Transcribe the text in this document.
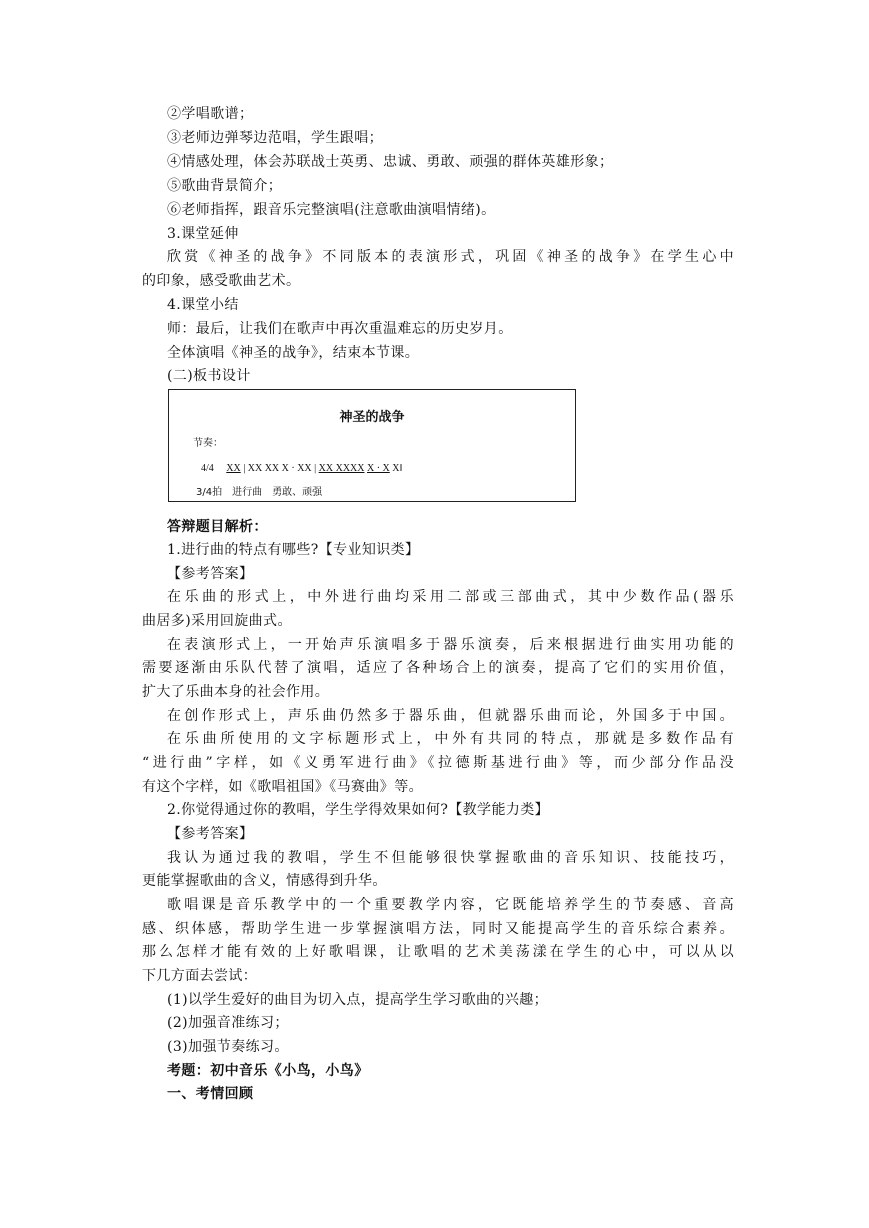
②学唱歌谱；
③老师边弹琴边范唱，学生跟唱；
④情感处理，体会苏联战士英勇、忠诚、勇敢、顽强的群体英雄形象；
⑤歌曲背景简介；
⑥老师指挥，跟音乐完整演唱(注意歌曲演唱情绪)。
3.课堂延伸
欣赏《神圣的战争》不同版本的表演形式，巩固《神圣的战争》在学生心中
的印象，感受歌曲艺术。
4.课堂小结
师：最后，让我们在歌声中再次重温难忘的历史岁月。
全体演唱《神圣的战争》，结束本节课。
(二)板书设计
神圣的战争
节奏：
4/4 XX | XX XX X · XX | XX XXXX X · X X‖
3/4拍　进行曲　勇敢、顽强
答辩题目解析：
1.进行曲的特点有哪些?【专业知识类】
【参考答案】
在乐曲的形式上，中外进行曲均采用二部或三部曲式，其中少数作品(器乐
曲居多)采用回旋曲式。
在表演形式上，一开始声乐演唱多于器乐演奏，后来根据进行曲实用功能的
需要逐渐由乐队代替了演唱，适应了各种场合上的演奏，提高了它们的实用价值，
扩大了乐曲本身的社会作用。
在创作形式上，声乐曲仍然多于器乐曲，但就器乐曲而论，外国多于中国。
在乐曲所使用的文字标题形式上，中外有共同的特点，那就是多数作品有
“进行曲”字样，如《义勇军进行曲》《拉德斯基进行曲》等，而少部分作品没
有这个字样，如《歌唱祖国》《马赛曲》等。
2.你觉得通过你的教唱，学生学得效果如何?【教学能力类】
【参考答案】
我认为通过我的教唱，学生不但能够很快掌握歌曲的音乐知识、技能技巧，
更能掌握歌曲的含义，情感得到升华。
歌唱课是音乐教学中的一个重要教学内容，它既能培养学生的节奏感、音高
感、织体感，帮助学生进一步掌握演唱方法，同时又能提高学生的音乐综合素养。
那么怎样才能有效的上好歌唱课，让歌唱的艺术美荡漾在学生的心中，可以从以
下几方面去尝试：
(1)以学生爱好的曲目为切入点，提高学生学习歌曲的兴趣；
(2)加强音准练习；
(3)加强节奏练习。
考题：初中音乐《小鸟，小鸟》
一、考情回顾
